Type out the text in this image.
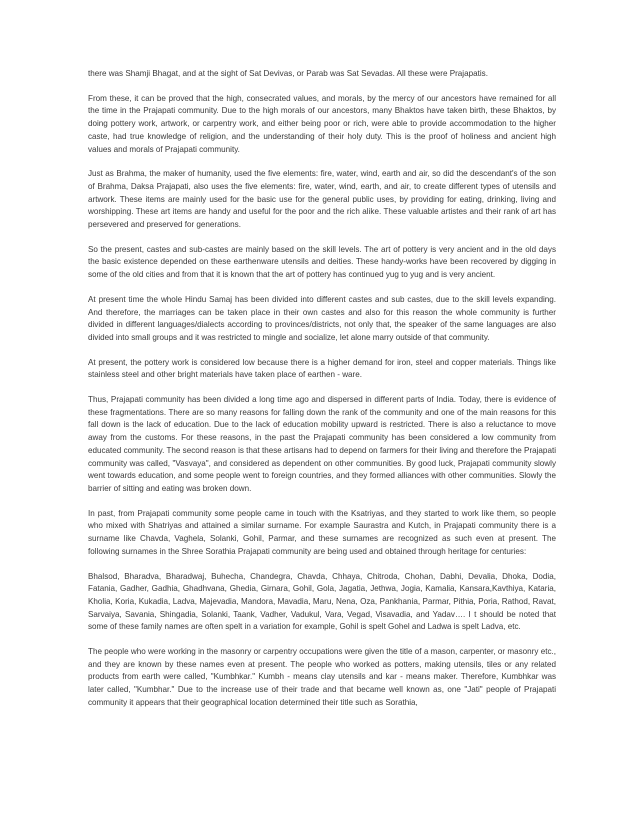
there was Shamji Bhagat, and at the sight of Sat Devivas, or Parab was Sat Sevadas. All these were Prajapatis.

From these, it can be proved that the high, consecrated values, and morals, by the mercy of our ancestors have remained for all the time in the Prajapati community. Due to the high morals of our ancestors, many Bhaktos have taken birth, these Bhaktos, by doing pottery work, artwork, or carpentry work, and either being poor or rich, were able to provide accommodation to the higher caste, had true knowledge of religion, and the understanding of their holy duty. This is the proof of holiness and ancient high values and morals of Prajapati community.

Just as Brahma, the maker of humanity, used the five elements: fire, water, wind, earth and air, so did the descendant's of the son of Brahma, Daksa Prajapati, also uses the five elements: fire, water, wind, earth, and air, to create different types of utensils and artwork. These items are mainly used for the basic use for the general public uses, by providing for eating, drinking, living and worshipping. These art items are handy and useful for the poor and the rich alike. These valuable artistes and their rank of art has persevered and preserved for generations.

So the present, castes and sub-castes are mainly based on the skill levels. The art of pottery is very ancient and in the old days the basic existence depended on these earthenware utensils and deities. These handy-works have been recovered by digging in some of the old cities and from that it is known that the art of pottery has continued yug to yug and is very ancient.

At present time the whole Hindu Samaj has been divided into different castes and sub castes, due to the skill levels expanding. And therefore, the marriages can be taken place in their own castes and also for this reason the whole community is further divided in different languages/dialects according to provinces/districts, not only that, the speaker of the same languages are also divided into small groups and it was restricted to mingle and socialize, let alone marry outside of that community.

At present, the pottery work is considered low because there is a higher demand for iron, steel and copper materials. Things like stainless steel and other bright materials have taken place of earthen - ware.

Thus, Prajapati community has been divided a long time ago and dispersed in different parts of India. Today, there is evidence of these fragmentations. There are so many reasons for falling down the rank of the community and one of the main reasons for this fall down is the lack of education. Due to the lack of education mobility upward is restricted. There is also a reluctance to move away from the customs. For these reasons, in the past the Prajapati community has been considered a low community from educated community. The second reason is that these artisans had to depend on farmers for their living and therefore the Prajapati community was called, "Vasvaya", and considered as dependent on other communities. By good luck, Prajapati community slowly went towards education, and some people went to foreign countries, and they formed alliances with other communities. Slowly the barrier of sitting and eating was broken down.

In past, from Prajapati community some people came in touch with the Ksatriyas, and they started to work like them, so people who mixed with Shatriyas and attained a similar surname. For example Saurastra and Kutch, in Prajapati community there is a surname like Chavda, Vaghela, Solanki, Gohil, Parmar, and these surnames are recognized as such even at present. The following surnames in the Shree Sorathia Prajapati community are being used and obtained through heritage for centuries:

Bhalsod, Bharadva, Bharadwaj, Buhecha, Chandegra, Chavda, Chhaya, Chitroda, Chohan, Dabhi, Devalia, Dhoka, Dodia, Fatania, Gadher, Gadhia, Ghadhvana, Ghedia, Girnara, Gohil, Gola, Jagatia, Jethwa, Jogia, Kamalia, Kansara,Kavthiya, Kataria, Kholia, Koria, Kukadia, Ladva, Majevadia, Mandora, Mavadia, Maru, Nena, Oza, Pankhania, Parmar, Pithia, Poria, Rathod, Ravat, Sarvaiya, Savania, Shingadia, Solanki, Taank, Vadher, Vadukul, Vara, Vegad, Visavadia, and Yadav…. I t should be noted that some of these family names are often spelt in a variation for example, Gohil is spelt Gohel and Ladwa is spelt Ladva, etc.

The people who were working in the masonry or carpentry occupations were given the title of a mason, carpenter, or masonry etc., and they are known by these names even at present. The people who worked as potters, making utensils, tiles or any related products from earth were called, "Kumbhkar." Kumbh - means clay utensils and kar - means maker. Therefore, Kumbhkar was later called, "Kumbhar." Due to the increase use of their trade and that became well known as, one "Jati" people of Prajapati community it appears that their geographical location determined their title such as Sorathia,
